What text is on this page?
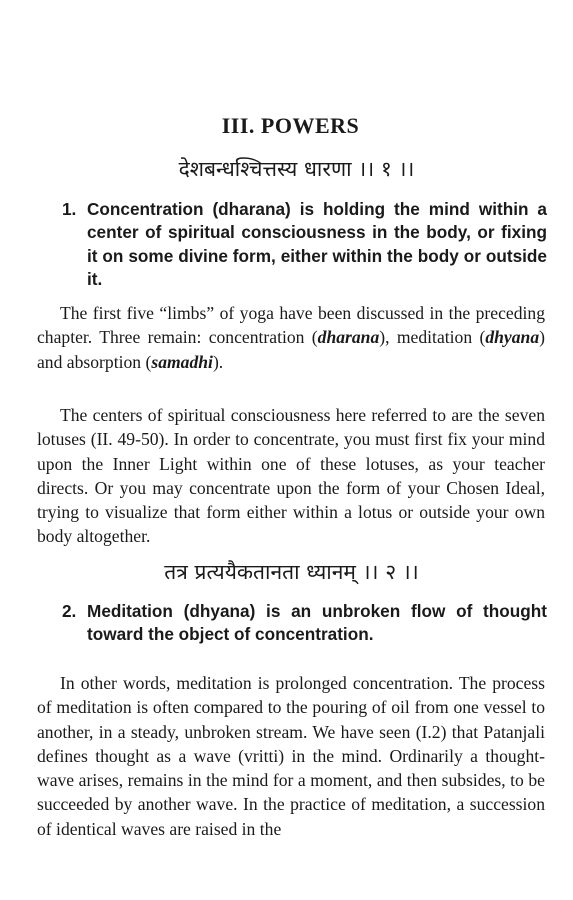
III. POWERS
देशबन्धश्चित्तस्य धारणा ।। १ ।।
1. Concentration (dharana) is holding the mind within a center of spiritual consciousness in the body, or fixing it on some divine form, either within the body or outside it.

The first five “limbs” of yoga have been discussed in the preceding chapter. Three remain: concentration (dharana), meditation (dhyana) and absorption (samadhi).

The centers of spiritual consciousness here referred to are the seven lotuses (II. 49-50). In order to concentrate, you must first fix your mind upon the Inner Light within one of these lotuses, as your teacher directs. Or you may concentrate upon the form of your Chosen Ideal, trying to visualize that form either within a lotus or outside your own body altogether.

तत्र प्रत्ययैकतानता ध्यानम् ।। २ ।।
2. Meditation (dhyana) is an unbroken flow of thought toward the object of concentration.

In other words, meditation is prolonged concentration. The process of meditation is often compared to the pouring of oil from one vessel to another, in a steady, unbroken stream. We have seen (I.2) that Patanjali defines thought as a wave (vritti) in the mind. Ordinarily a thought-wave arises, remains in the mind for a moment, and then subsides, to be succeeded by another wave. In the practice of meditation, a succession of identical waves are raised in the
